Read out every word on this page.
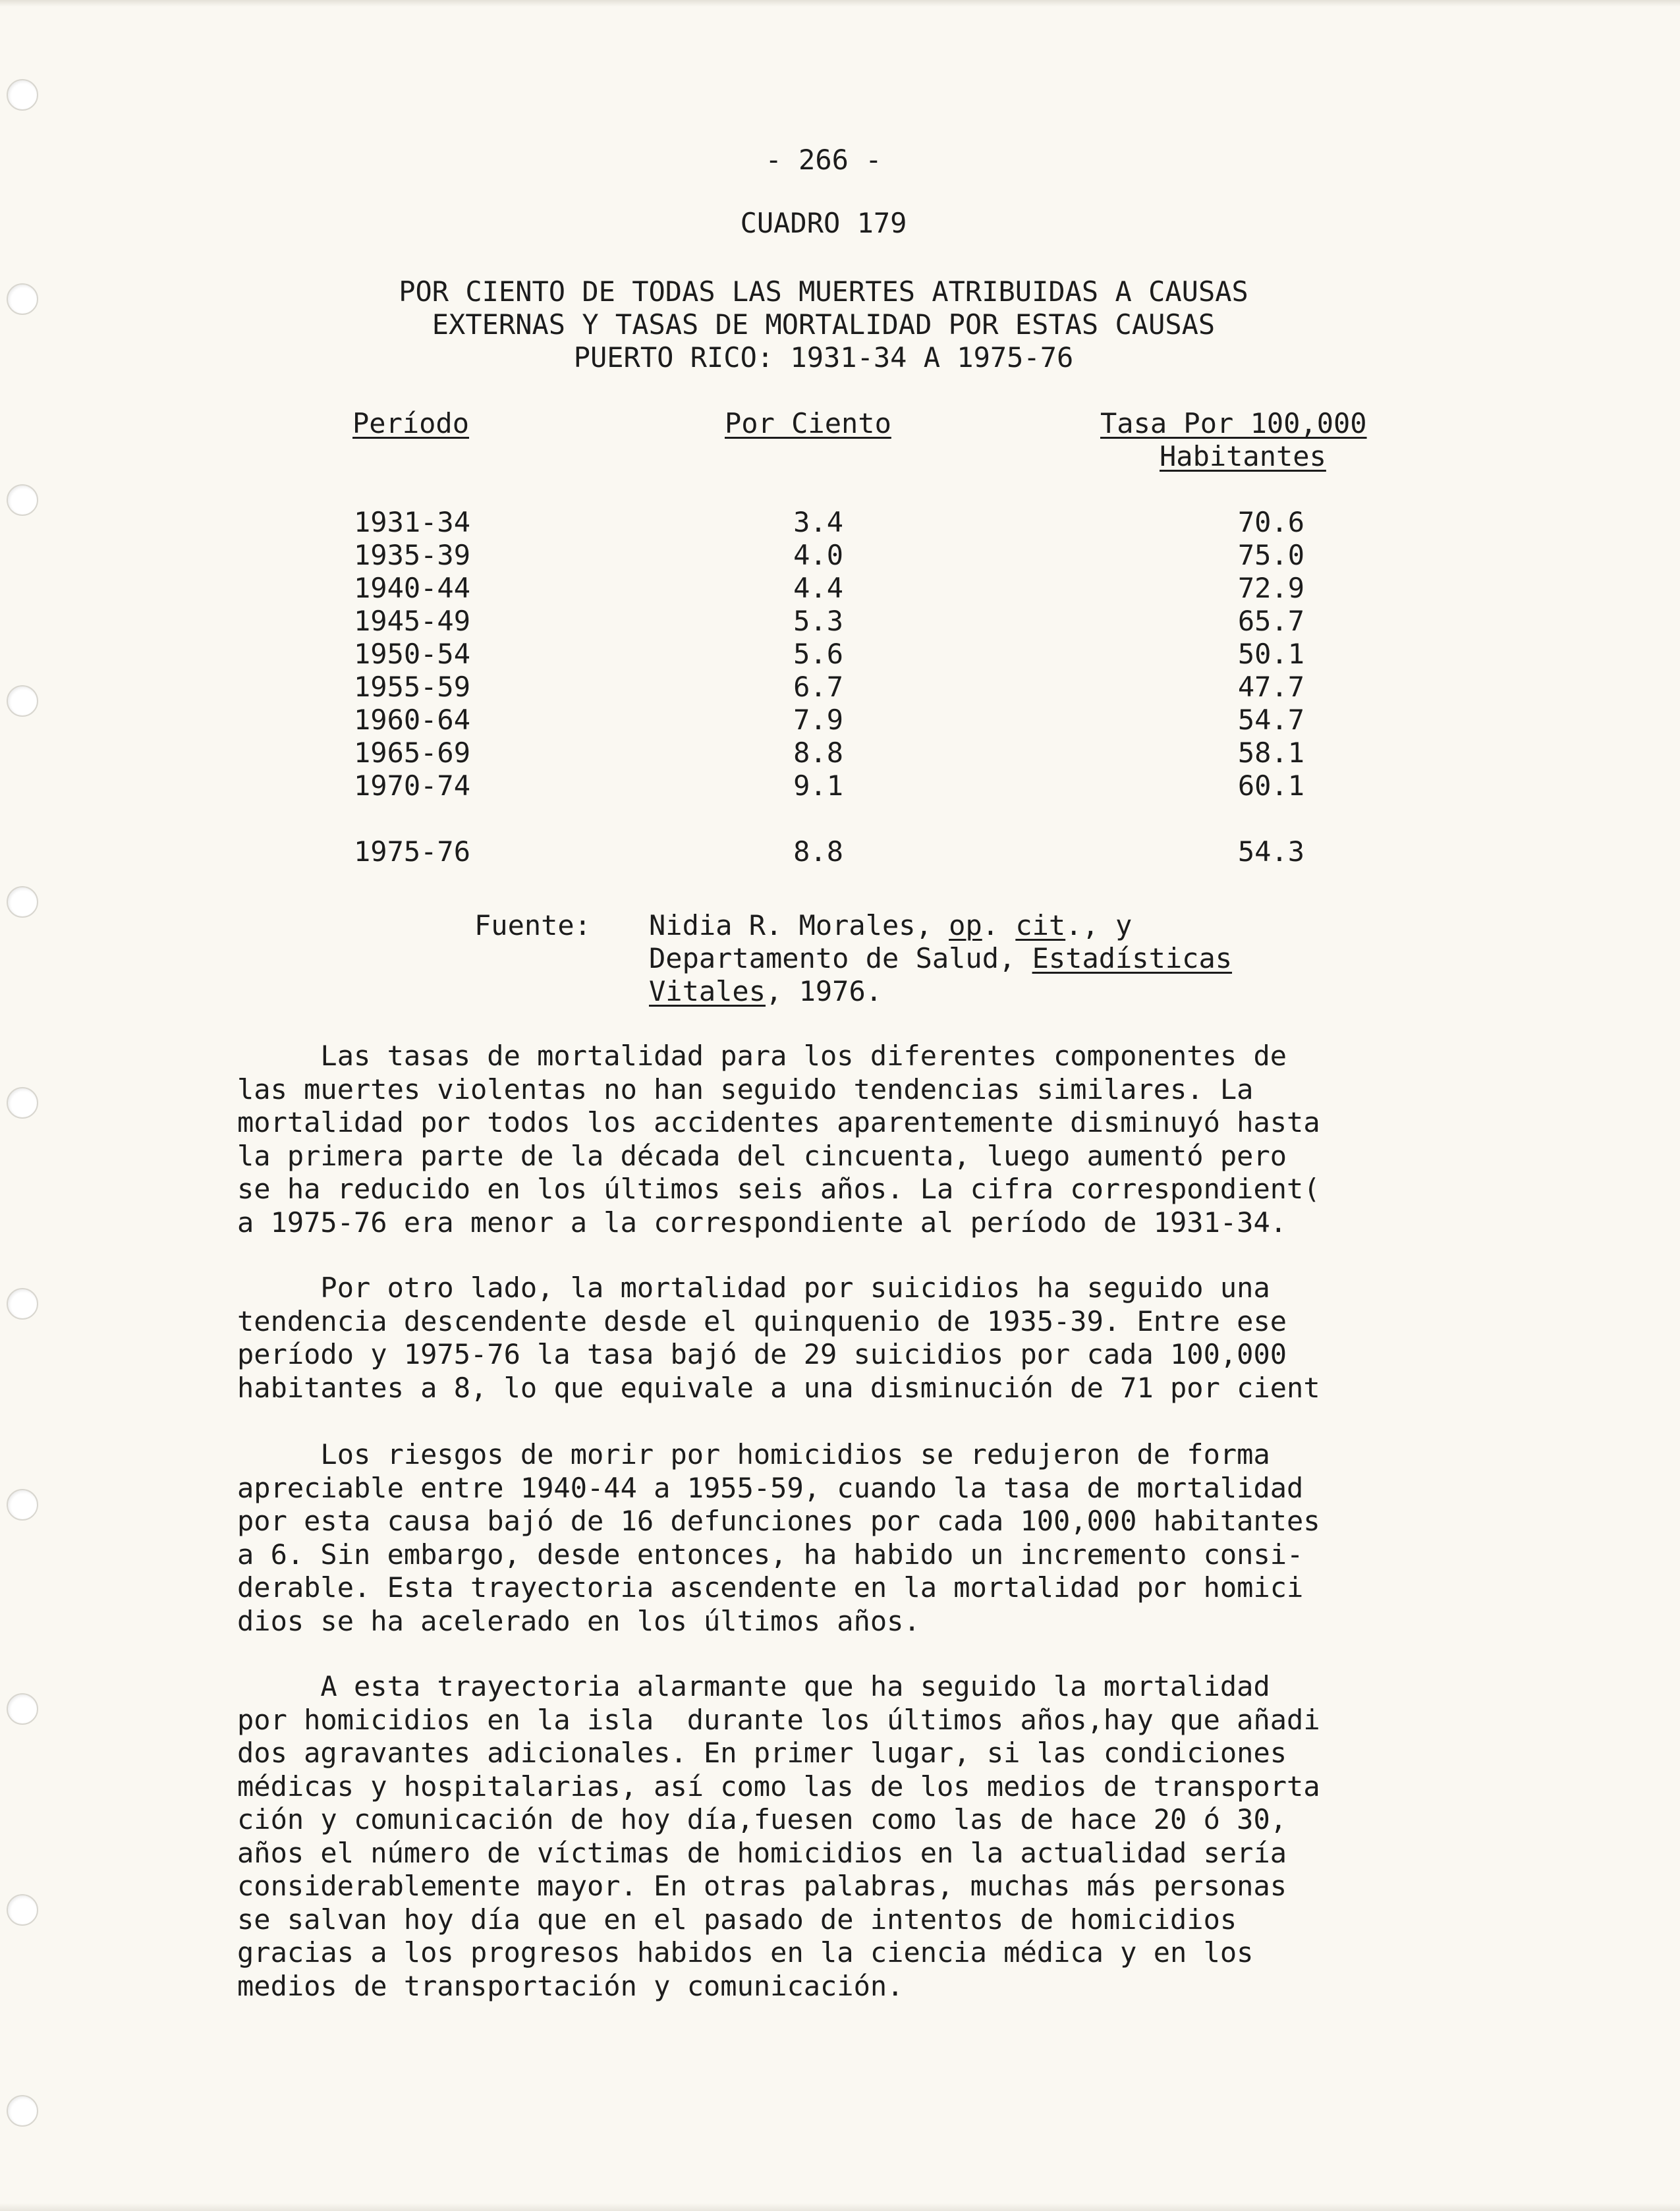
- 266 -
CUADRO 179
POR CIENTO DE TODAS LAS MUERTES ATRIBUIDAS A CAUSAS
EXTERNAS Y TASAS DE MORTALIDAD POR ESTAS CAUSAS
PUERTO RICO: 1931-34 A 1975-76
Período	Por Ciento	Tasa Por 100,000
Habitantes
1931-34	3.4	70.6
1935-39	4.0	75.0
1940-44	4.4	72.9
1945-49	5.3	65.7
1950-54	5.6	50.1
1955-59	6.7	47.7
1960-64	7.9	54.7
1965-69	8.8	58.1
1970-74	9.1	60.1
1975-76	8.8	54.3
Fuente: Nidia R. Morales, op. cit., y
Departamento de Salud, Estadísticas
Vitales, 1976.
Las tasas de mortalidad para los diferentes componentes de
las muertes violentas no han seguido tendencias similares. La
mortalidad por todos los accidentes aparentemente disminuyó hasta
la primera parte de la década del cincuenta, luego aumentó pero
se ha reducido en los últimos seis años. La cifra correspondient(
a 1975-76 era menor a la correspondiente al período de 1931-34.
Por otro lado, la mortalidad por suicidios ha seguido una
tendencia descendente desde el quinquenio de 1935-39. Entre ese
período y 1975-76 la tasa bajó de 29 suicidios por cada 100,000
habitantes a 8, lo que equivale a una disminución de 71 por cient
Los riesgos de morir por homicidios se redujeron de forma
apreciable entre 1940-44 a 1955-59, cuando la tasa de mortalidad
por esta causa bajó de 16 defunciones por cada 100,000 habitantes
a 6. Sin embargo, desde entonces, ha habido un incremento consi-
derable. Esta trayectoria ascendente en la mortalidad por homici
dios se ha acelerado en los últimos años.
A esta trayectoria alarmante que ha seguido la mortalidad
por homicidios en la isla  durante los últimos años,hay que añadi
dos agravantes adicionales. En primer lugar, si las condiciones
médicas y hospitalarias, así como las de los medios de transporta
ción y comunicación de hoy día,fuesen como las de hace 20 ó 30,
años el número de víctimas de homicidios en la actualidad sería
considerablemente mayor. En otras palabras, muchas más personas
se salvan hoy día que en el pasado de intentos de homicidios
gracias a los progresos habidos en la ciencia médica y en los
medios de transportación y comunicación.
